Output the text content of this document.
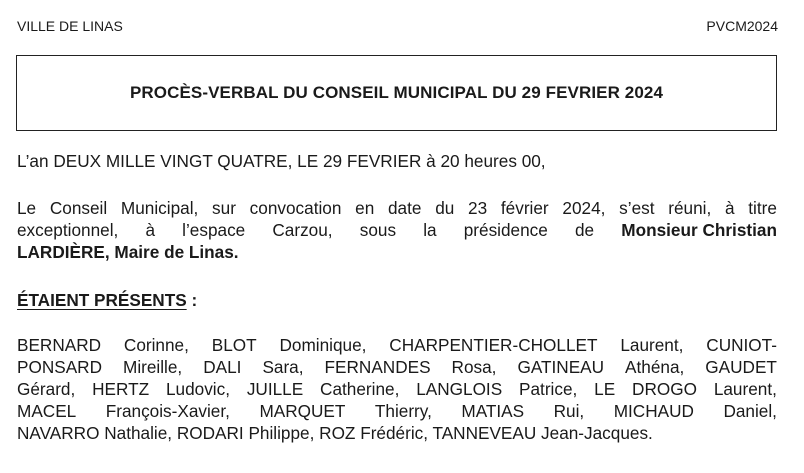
VILLE DE LINAS	PVCM2024
PROCÈS-VERBAL DU CONSEIL MUNICIPAL DU 29 FEVRIER 2024

L’an DEUX MILLE VINGT QUATRE, LE 29 FEVRIER à 20 heures 00,

Le Conseil Municipal, sur convocation en date du 23 février 2024, s’est réuni, à titre
exceptionnel, à l’espace Carzou, sous la présidence de Monsieur Christian
LARDIÈRE, Maire de Linas.
ÉTAIENT PRÉSENTS :
BERNARD Corinne, BLOT Dominique, CHARPENTIER-CHOLLET Laurent, CUNIOT-
PONSARD Mireille, DALI Sara, FERNANDES Rosa, GATINEAU Athéna, GAUDET
Gérard, HERTZ Ludovic, JUILLE Catherine, LANGLOIS Patrice, LE DROGO Laurent,
MACEL François-Xavier, MARQUET Thierry, MATIAS Rui, MICHAUD Daniel,
NAVARRO Nathalie, RODARI Philippe, ROZ Frédéric, TANNEVEAU Jean-Jacques.
